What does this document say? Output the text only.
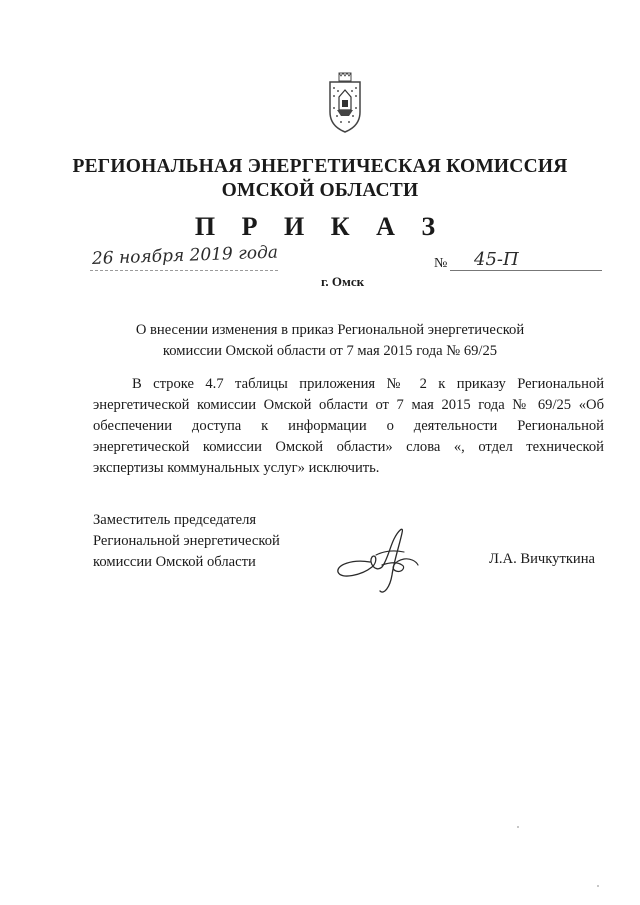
РЕГИОНАЛЬНАЯ ЭНЕРГЕТИЧЕСКАЯ КОМИССИЯ
ОМСКОЙ ОБЛАСТИ
П Р И К А З
26 ноября 2019 года	№ 45-П
г. Омск
О внесении изменения в приказ Региональной энергетической
комиссии Омской области от 7 мая 2015 года № 69/25
В строке 4.7 таблицы приложения № 2 к приказу Региональной энергетической комиссии Омской области от 7 мая 2015 года № 69/25 «Об обеспечении доступа к информации о деятельности Региональной энергетической комиссии Омской области» слова «, отдел технической экспертизы коммунальных услуг» исключить.
Заместитель председателя
Региональной энергетической
комиссии Омской области	Л.А. Вичкуткина
